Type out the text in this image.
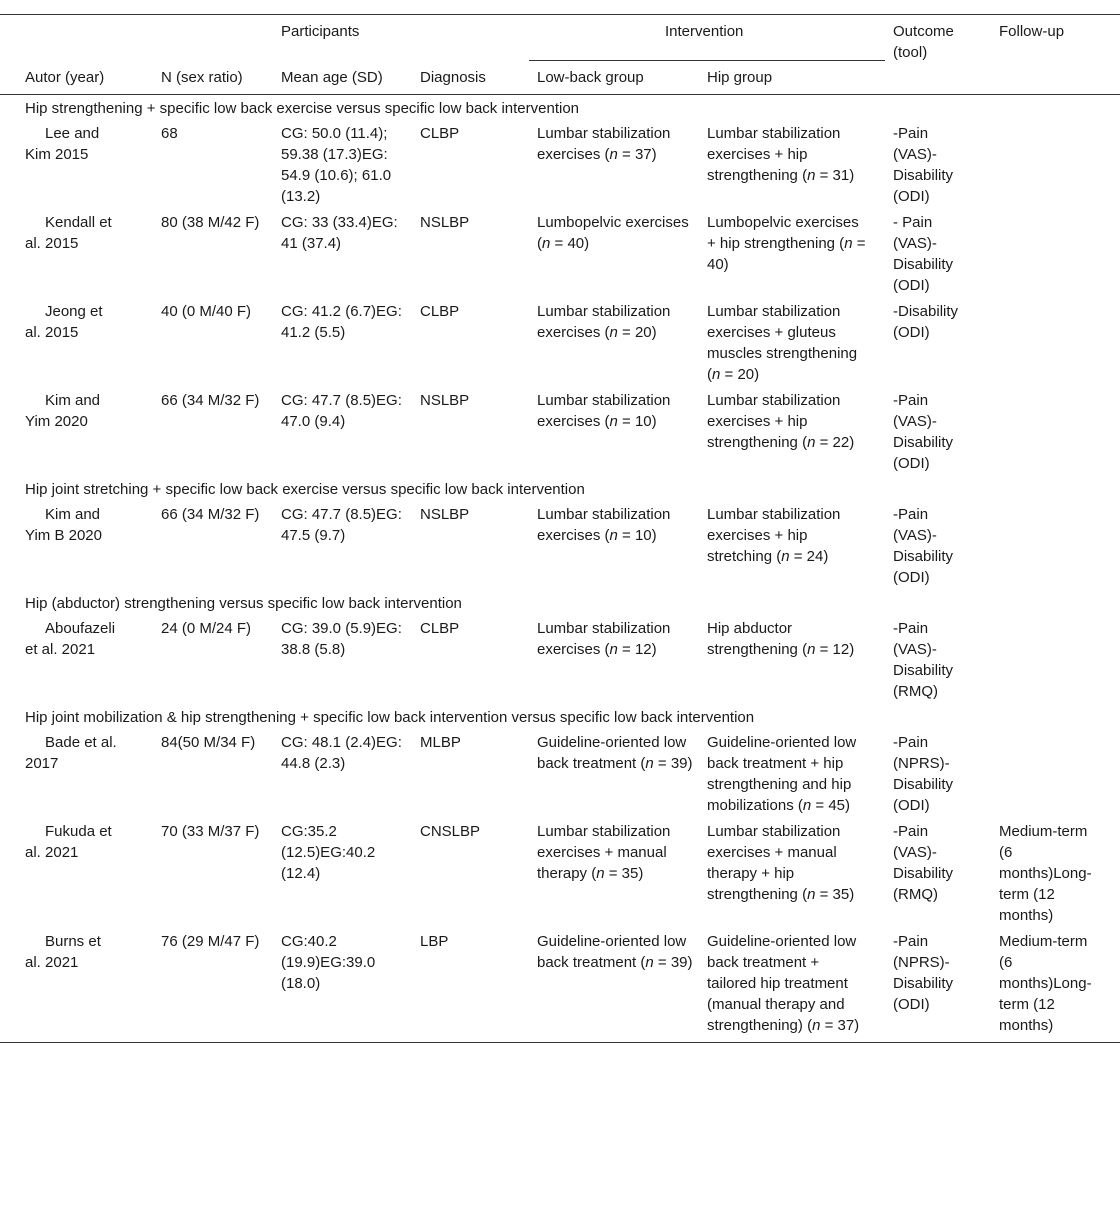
		Participants		Intervention		Outcome (tool)	Follow-up
Autor (year)	N (sex ratio)	Mean age (SD)	Diagnosis	Low-back group	Hip group		
Hip strengthening + specific low back exercise versus specific low back intervention							

Lee and
Kim 2015	68	CG: 50.0 (11.4); 59.38 (17.3)EG: 54.9 (10.6); 61.0 (13.2)	CLBP	Lumbar stabilization exercises (n = 37)	Lumbar stabilization exercises + hip strengthening (n = 31)	-Pain (VAS)-Disability (ODI)	

Kendall et
al. 2015	80 (38 M/42 F)	CG: 33 (33.4)EG: 41 (37.4)	NSLBP	Lumbopelvic exercises (n = 40)	Lumbopelvic exercises + hip strengthening (n = 40)	- Pain (VAS)-Disability (ODI)	

Jeong et
al. 2015	40 (0 M/40 F)	CG: 41.2 (6.7)EG: 41.2 (5.5)	CLBP	Lumbar stabilization exercises (n = 20)	Lumbar stabilization exercises + gluteus muscles strengthening (n = 20)	-Disability (ODI)	

Kim and
Yim 2020	66 (34 M/32 F)	CG: 47.7 (8.5)EG: 47.0 (9.4)	NSLBP	Lumbar stabilization exercises (n = 10)	Lumbar stabilization exercises + hip strengthening (n = 22)	-Pain (VAS)-Disability (ODI)	
Hip joint stretching + specific low back exercise versus specific low back intervention							

Kim and
Yim B 2020	66 (34 M/32 F)	CG: 47.7 (8.5)EG: 47.5 (9.7)	NSLBP	Lumbar stabilization exercises (n = 10)	Lumbar stabilization exercises + hip stretching (n = 24)	-Pain (VAS)-Disability (ODI)	
Hip (abductor) strengthening versus specific low back intervention							

Aboufazeli
et al. 2021	24 (0 M/24 F)	CG: 39.0 (5.9)EG: 38.8 (5.8)	CLBP	Lumbar stabilization exercises (n = 12)	Hip abductor strengthening (n = 12)	-Pain (VAS)-Disability (RMQ)	
Hip joint mobilization & hip strengthening + specific low back intervention versus specific low back intervention							

Bade et al.
2017	84(50 M/34 F)	CG: 48.1 (2.4)EG: 44.8 (2.3)	MLBP	Guideline-oriented low back treatment (n = 39)	Guideline-oriented low back treatment + hip strengthening and hip mobilizations (n = 45)	-Pain (NPRS)-Disability (ODI)	

Fukuda et
al. 2021	70 (33 M/37 F)	CG:35.2 (12.5)EG:40.2 (12.4)	CNSLBP	Lumbar stabilization exercises + manual therapy (n = 35)	Lumbar stabilization exercises + manual therapy + hip strengthening (n = 35)	-Pain (VAS)-Disability (RMQ)	Medium-term (6 months)Long-term (12 months)

Burns et
al. 2021	76 (29 M/47 F)	CG:40.2 (19.9)EG:39.0 (18.0)	LBP	Guideline-oriented low back treatment (n = 39)	Guideline-oriented low back treatment + tailored hip treatment (manual therapy and strengthening) (n = 37)	-Pain (NPRS)-Disability (ODI)	Medium-term (6 months)Long-term (12 months)
